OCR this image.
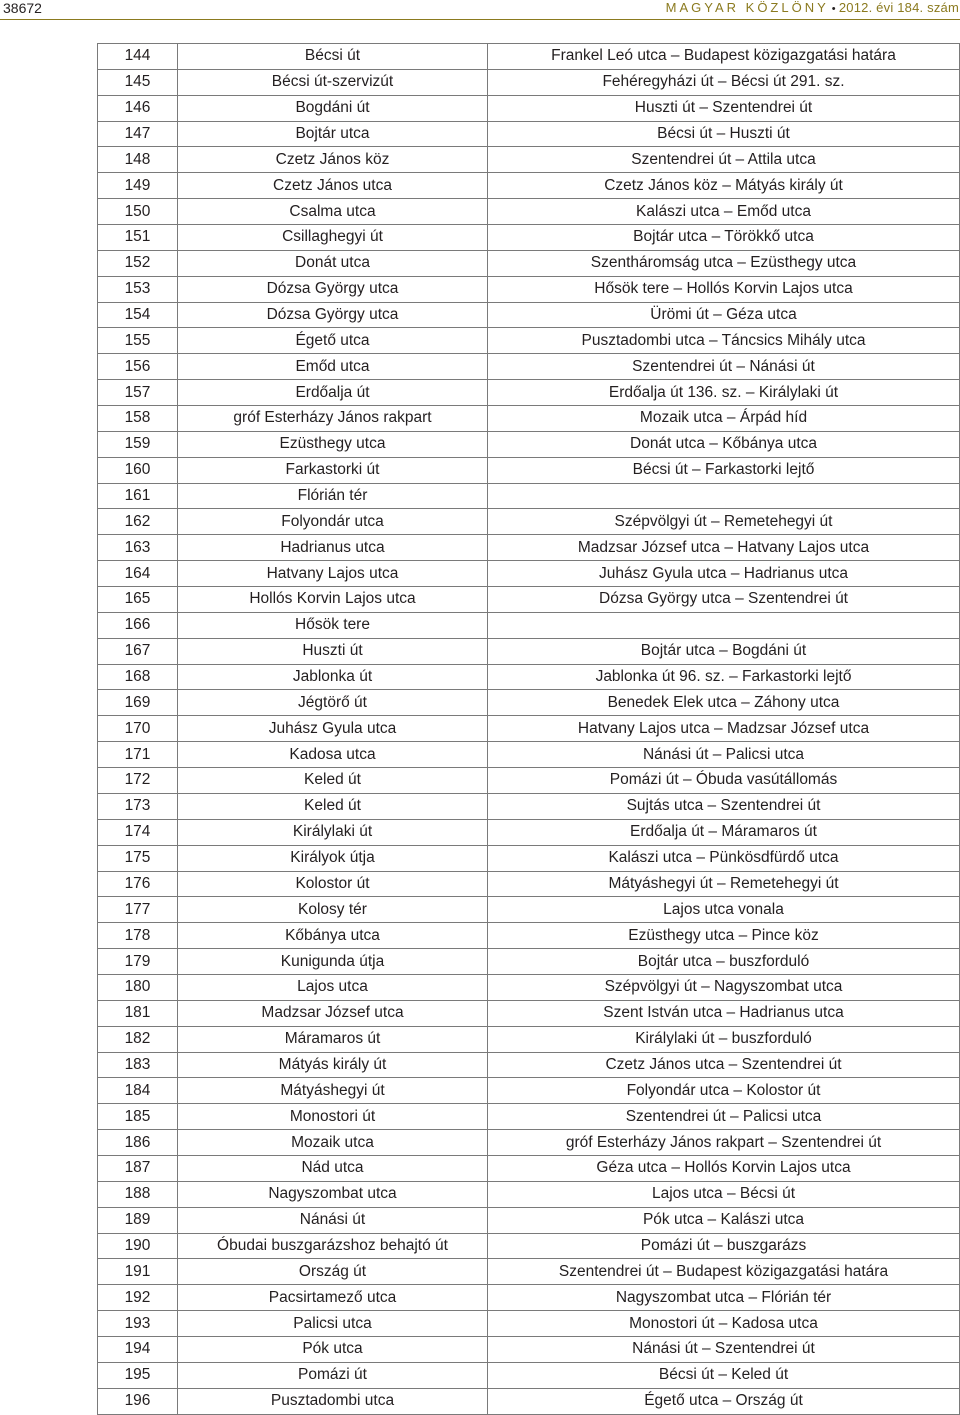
38672	MAGYAR KÖZLÖNY • 2012. évi 184. szám
144	Bécsi út	Frankel Leó utca – Budapest közigazgatási határa
145	Bécsi út-szervizút	Fehéregyházi út – Bécsi út 291. sz.
146	Bogdáni út	Huszti út – Szentendrei út
147	Bojtár utca	Bécsi út – Huszti út
148	Czetz János köz	Szentendrei út – Attila utca
149	Czetz János utca	Czetz János köz – Mátyás király út
150	Csalma utca	Kalászi utca – Emőd utca
151	Csillaghegyi út	Bojtár utca – Törökkő utca
152	Donát utca	Szentháromság utca – Ezüsthegy utca
153	Dózsa György utca	Hősök tere – Hollós Korvin Lajos utca
154	Dózsa György utca	Ürömi út – Géza utca
155	Égető utca	Pusztadombi utca – Táncsics Mihály utca
156	Emőd utca	Szentendrei út – Nánási út
157	Erdőalja út	Erdőalja út 136. sz. – Királylaki út
158	gróf Esterházy János rakpart	Mozaik utca – Árpád híd
159	Ezüsthegy utca	Donát utca – Kőbánya utca
160	Farkastorki út	Bécsi út – Farkastorki lejtő
161	Flórián tér	
162	Folyondár utca	Szépvölgyi út – Remetehegyi út
163	Hadrianus utca	Madzsar József utca – Hatvany Lajos utca
164	Hatvany Lajos utca	Juhász Gyula utca – Hadrianus utca
165	Hollós Korvin Lajos utca	Dózsa György utca – Szentendrei út
166	Hősök tere	
167	Huszti út	Bojtár utca – Bogdáni út
168	Jablonka út	Jablonka út 96. sz. – Farkastorki lejtő
169	Jégtörő út	Benedek Elek utca – Záhony utca
170	Juhász Gyula utca	Hatvany Lajos utca – Madzsar József utca
171	Kadosa utca	Nánási út – Palicsi utca
172	Keled út	Pomázi út – Óbuda vasútállomás
173	Keled út	Sujtás utca – Szentendrei út
174	Királylaki út	Erdőalja út – Máramaros út
175	Királyok útja	Kalászi utca – Pünkösdfürdő utca
176	Kolostor út	Mátyáshegyi út – Remetehegyi út
177	Kolosy tér	Lajos utca vonala
178	Kőbánya utca	Ezüsthegy utca – Pince köz
179	Kunigunda útja	Bojtár utca – buszforduló
180	Lajos utca	Szépvölgyi út – Nagyszombat utca
181	Madzsar József utca	Szent István utca – Hadrianus utca
182	Máramaros út	Királylaki út – buszforduló
183	Mátyás király út	Czetz János utca – Szentendrei út
184	Mátyáshegyi út	Folyondár utca – Kolostor út
185	Monostori út	Szentendrei út – Palicsi utca
186	Mozaik utca	gróf Esterházy János rakpart – Szentendrei út
187	Nád utca	Géza utca – Hollós Korvin Lajos utca
188	Nagyszombat utca	Lajos utca – Bécsi út
189	Nánási út	Pók utca – Kalászi utca
190	Óbudai buszgarázshoz behajtó út	Pomázi út – buszgarázs
191	Ország út	Szentendrei út – Budapest közigazgatási határa
192	Pacsirtamező utca	Nagyszombat utca – Flórián tér
193	Palicsi utca	Monostori út – Kadosa utca
194	Pók utca	Nánási út – Szentendrei út
195	Pomázi út	Bécsi út – Keled út
196	Pusztadombi utca	Égető utca – Ország út
